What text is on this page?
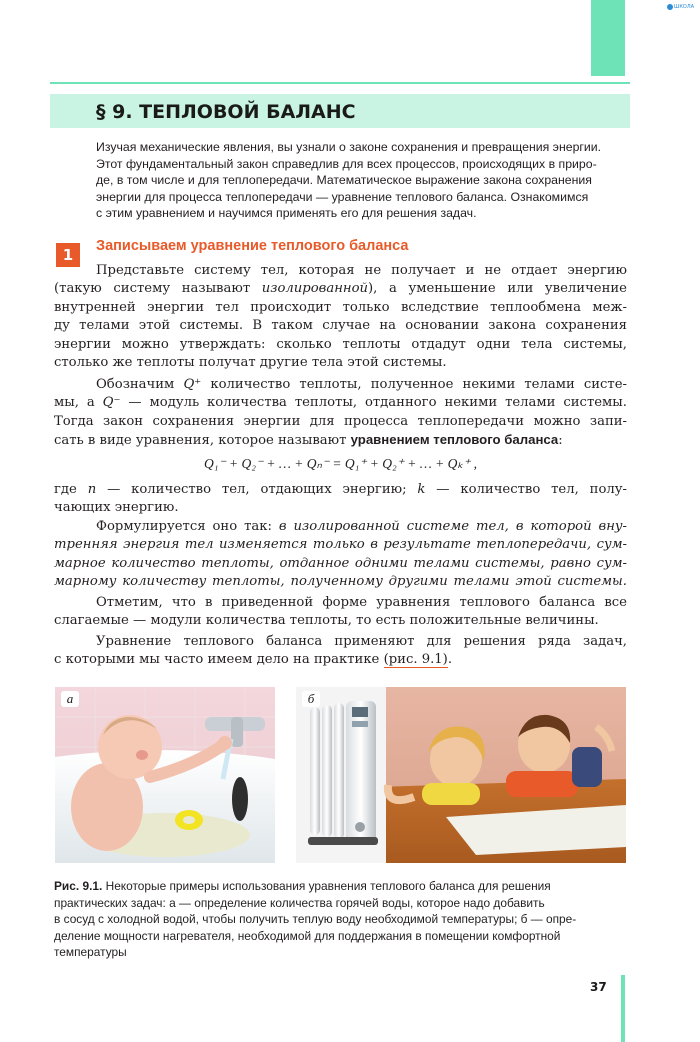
ШКОЛА
§ 9. ТЕПЛОВОЙ БАЛАНС
Изучая механические явления, вы узнали о законе сохранения и превращения энергии.
Этот фундаментальный закон справедлив для всех процессов, происходящих в приро-
де, в том числе и для теплопередачи. Математическое выражение закона сохранения
энергии для процесса теплопередачи — уравнение теплового баланса. Ознакомимся
с этим уравнением и научимся применять его для решения задач.
1	Записываем уравнение теплового баланса
Представьте систему тел, которая не получает и не отдает энергию
(такую систему называют изолированной), а уменьшение или увеличение
внутренней энергии тел происходит только вследствие теплообмена меж-
ду телами этой системы. В таком случае на основании закона сохранения
энергии можно утверждать: сколько теплоты отдадут одни тела системы,
столько же теплоты получат другие тела этой системы.
Обозначим Q⁺ количество теплоты, полученное некими телами систе-
мы, а Q⁻ — модуль количества теплоты, отданного некими телами системы.
Тогда закон сохранения энергии для процесса теплопередачи можно запи-
сать в виде уравнения, которое называют уравнением теплового баланса:
Q₁⁻ + Q₂⁻ + … + Qₙ⁻ = Q₁⁺ + Q₂⁺ + … + Qₖ⁺ ,
где n — количество тел, отдающих энергию; k — количество тел, полу-
чающих энергию.
Формулируется оно так: в изолированной системе тел, в которой вну-
тренняя энергия тел изменяется только в результате теплопередачи, сум-
марное количество теплоты, отданное одними телами системы, равно сум-
марному количеству теплоты, полученному другими телами этой системы.
Отметим, что в приведенной форме уравнения теплового баланса все
слагаемые — модули количества теплоты, то есть положительные величины.
Уравнение теплового баланса применяют для решения ряда задач,
с которыми мы часто имеем дело на практике (рис. 9.1).
а	б
Рис. 9.1. Некоторые примеры использования уравнения теплового баланса для решения
практических задач: а — определение количества горячей воды, которое надо добавить
в сосуд с холодной водой, чтобы получить теплую воду необходимой температуры; б — опре-
деление мощности нагревателя, необходимой для поддержания в помещении комфортной
температуры
37
